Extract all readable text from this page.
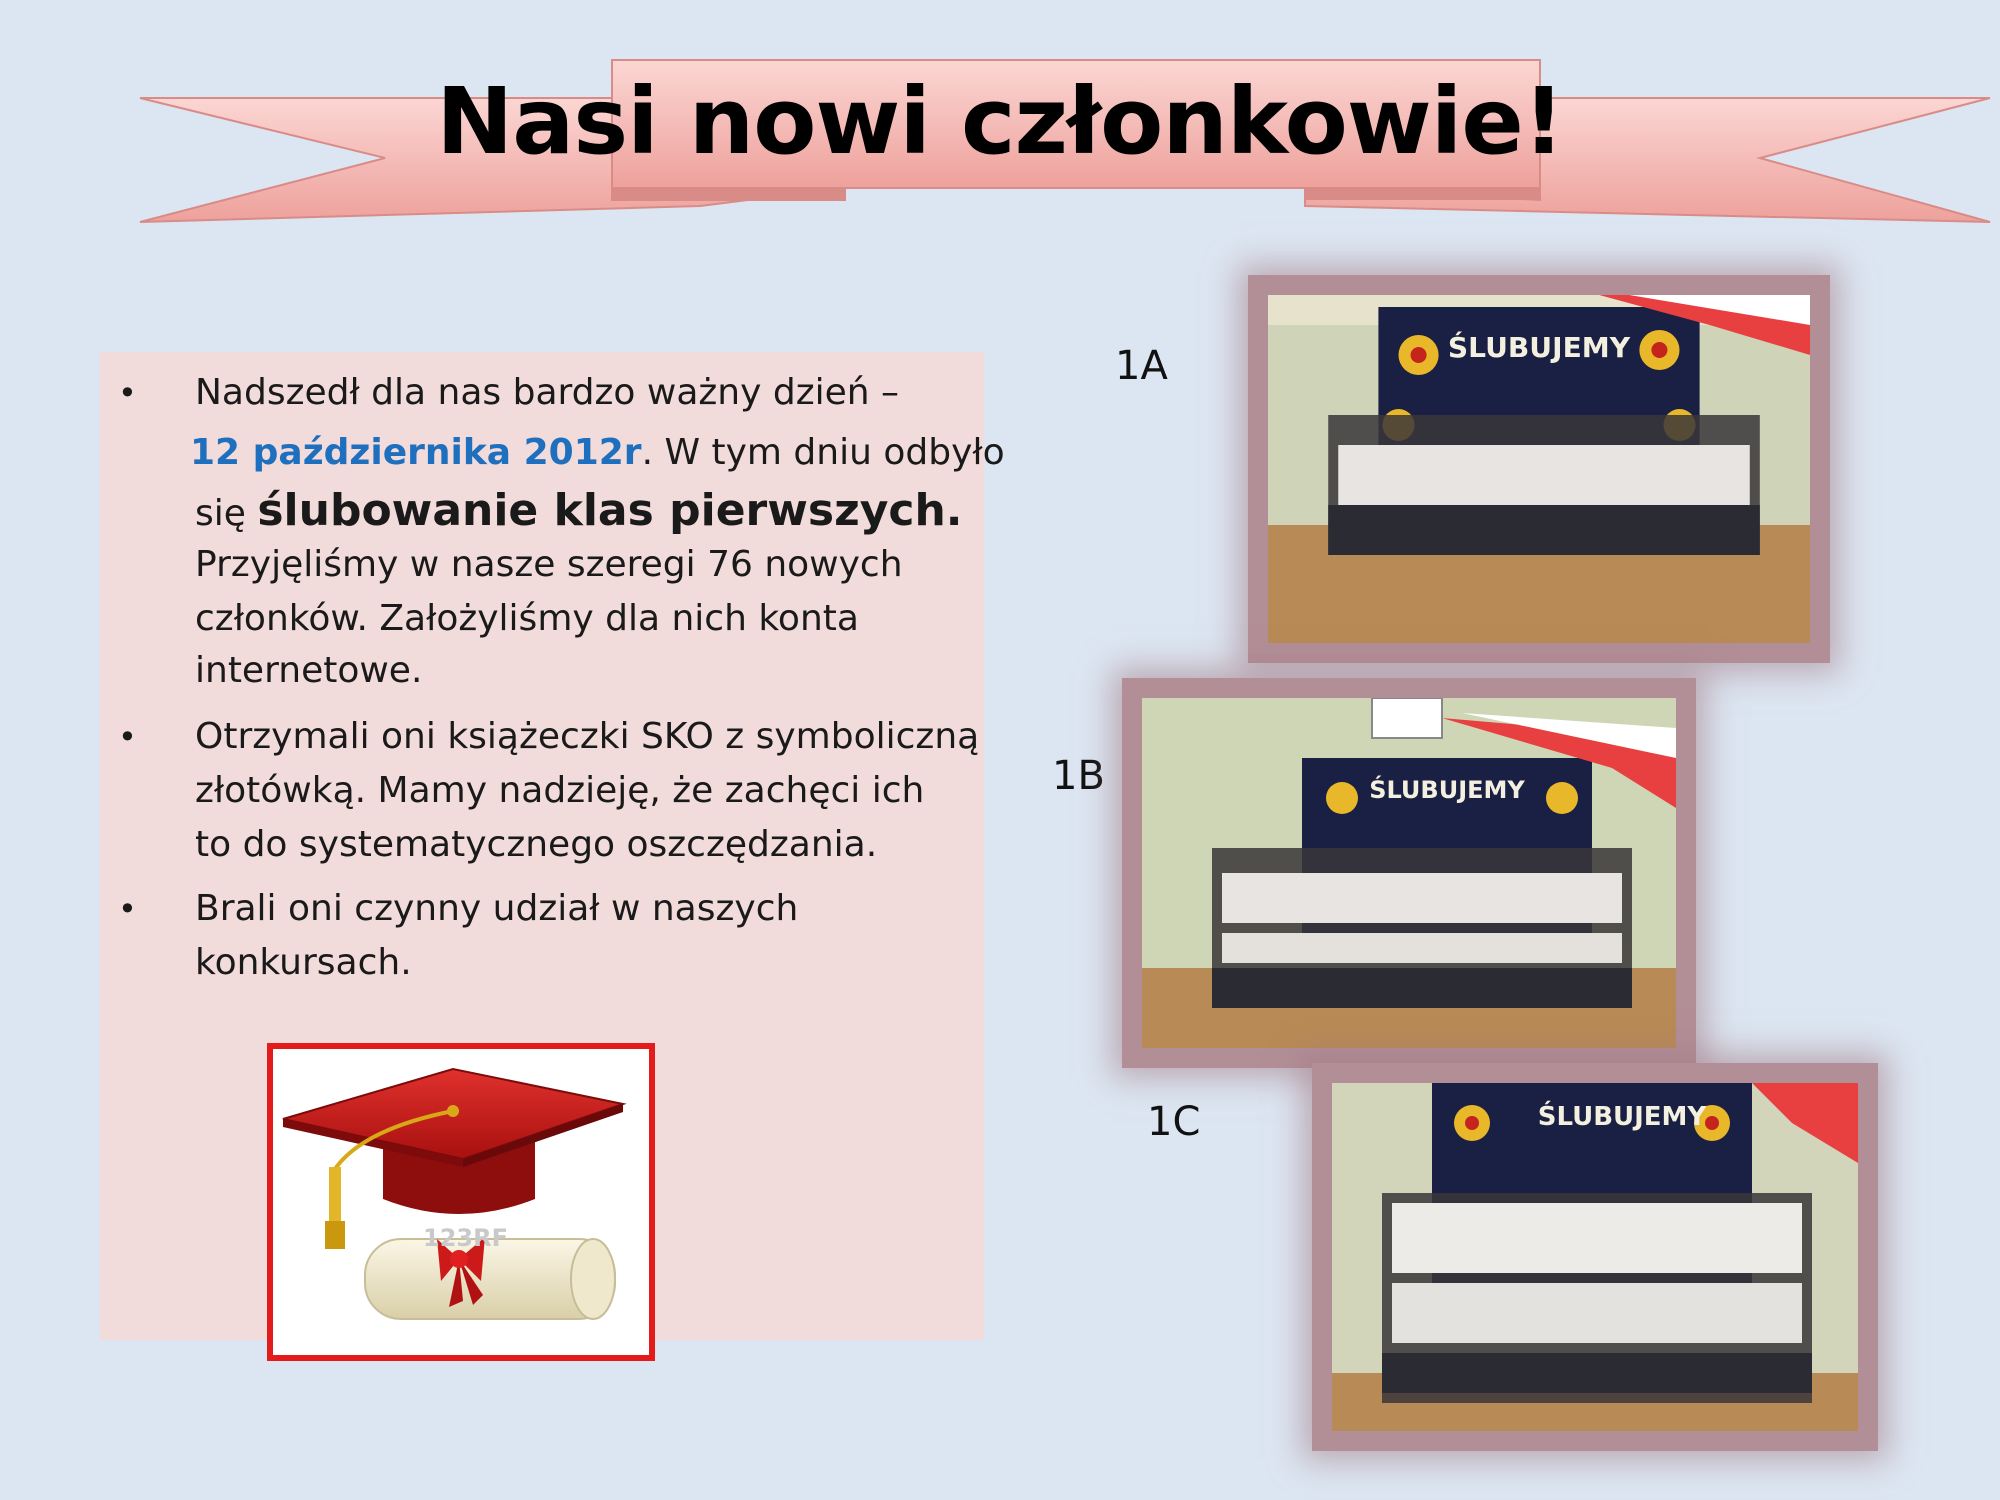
Nasi nowi członkowie!
• Nadszedł dla nas bardzo ważny dzień –
12 października 2012r. W tym dniu odbyło
się ślubowanie klas pierwszych.
Przyjęliśmy w nasze szeregi 76 nowych
członków. Założyliśmy dla nich konta
internetowe.
• Otrzymali oni książeczki SKO z symboliczną
złotówką. Mamy nadzieję, że zachęci ich
to do systematycznego oszczędzania.
• Brali oni czynny udział w naszych
konkursach.
123RF
1A	ŚLUBUJEMY
1B	ŚLUBUJEMY
1C	ŚLUBUJEMY
